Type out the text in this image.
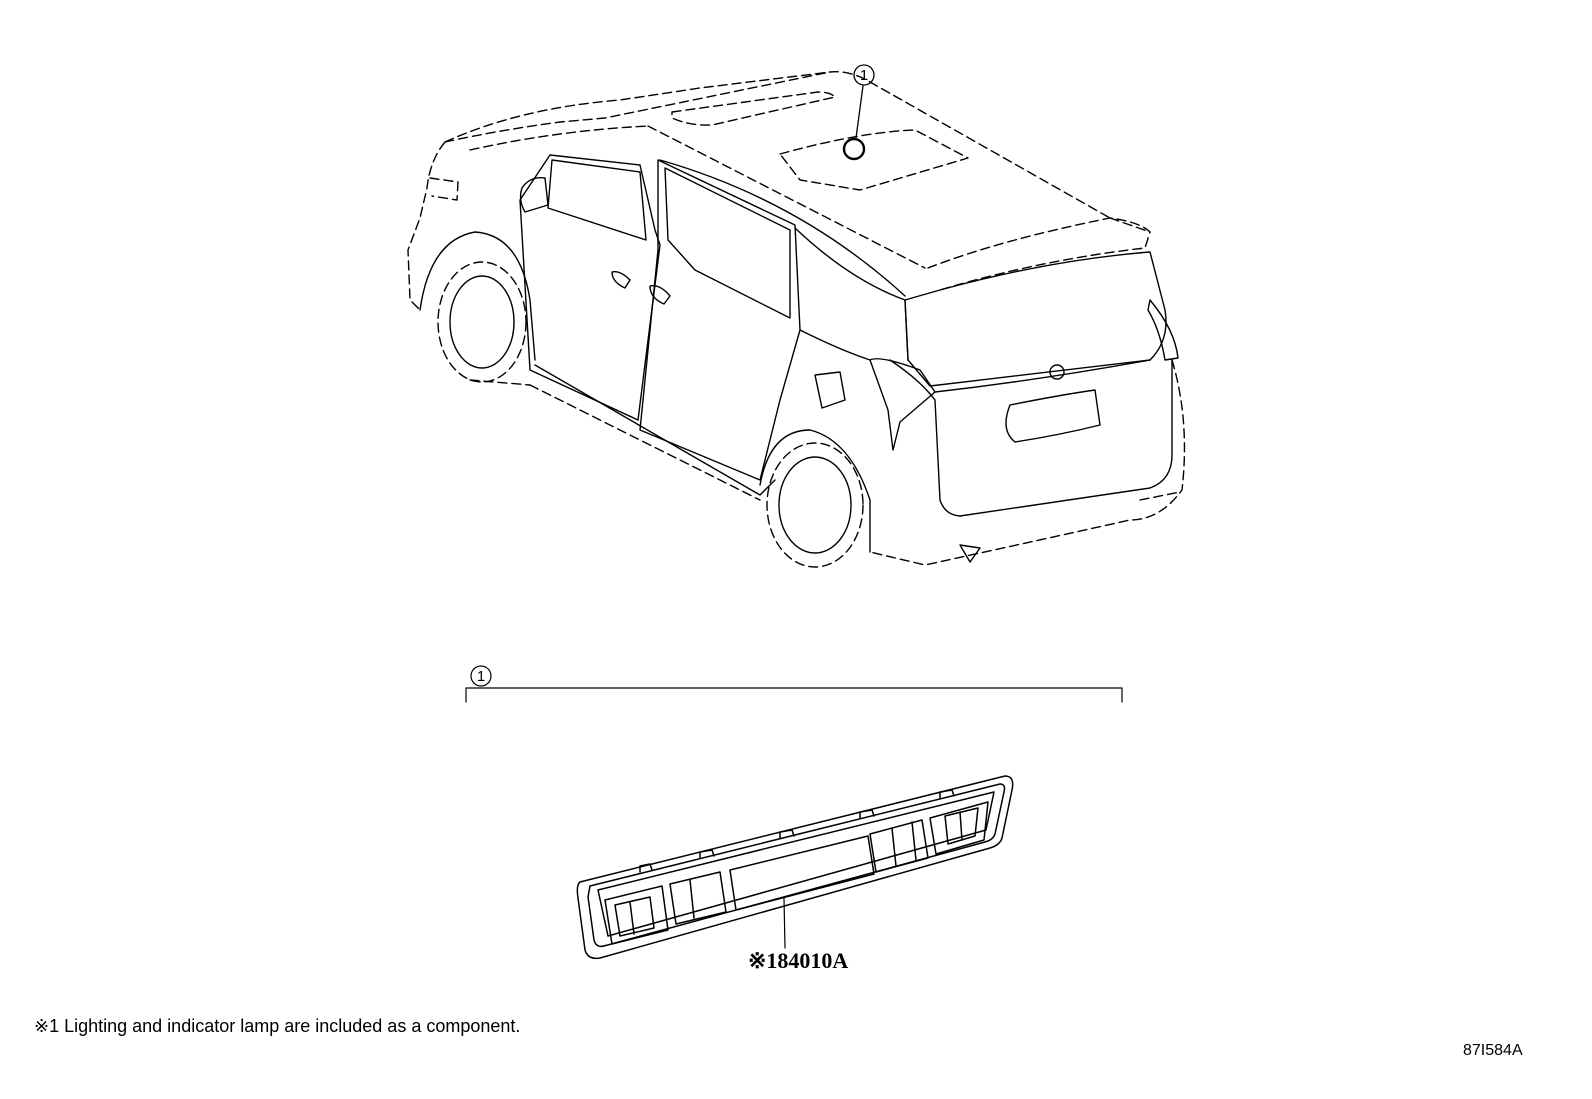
1
1
※184010A
※1 Lighting and indicator lamp are included as a component.
87I584A
